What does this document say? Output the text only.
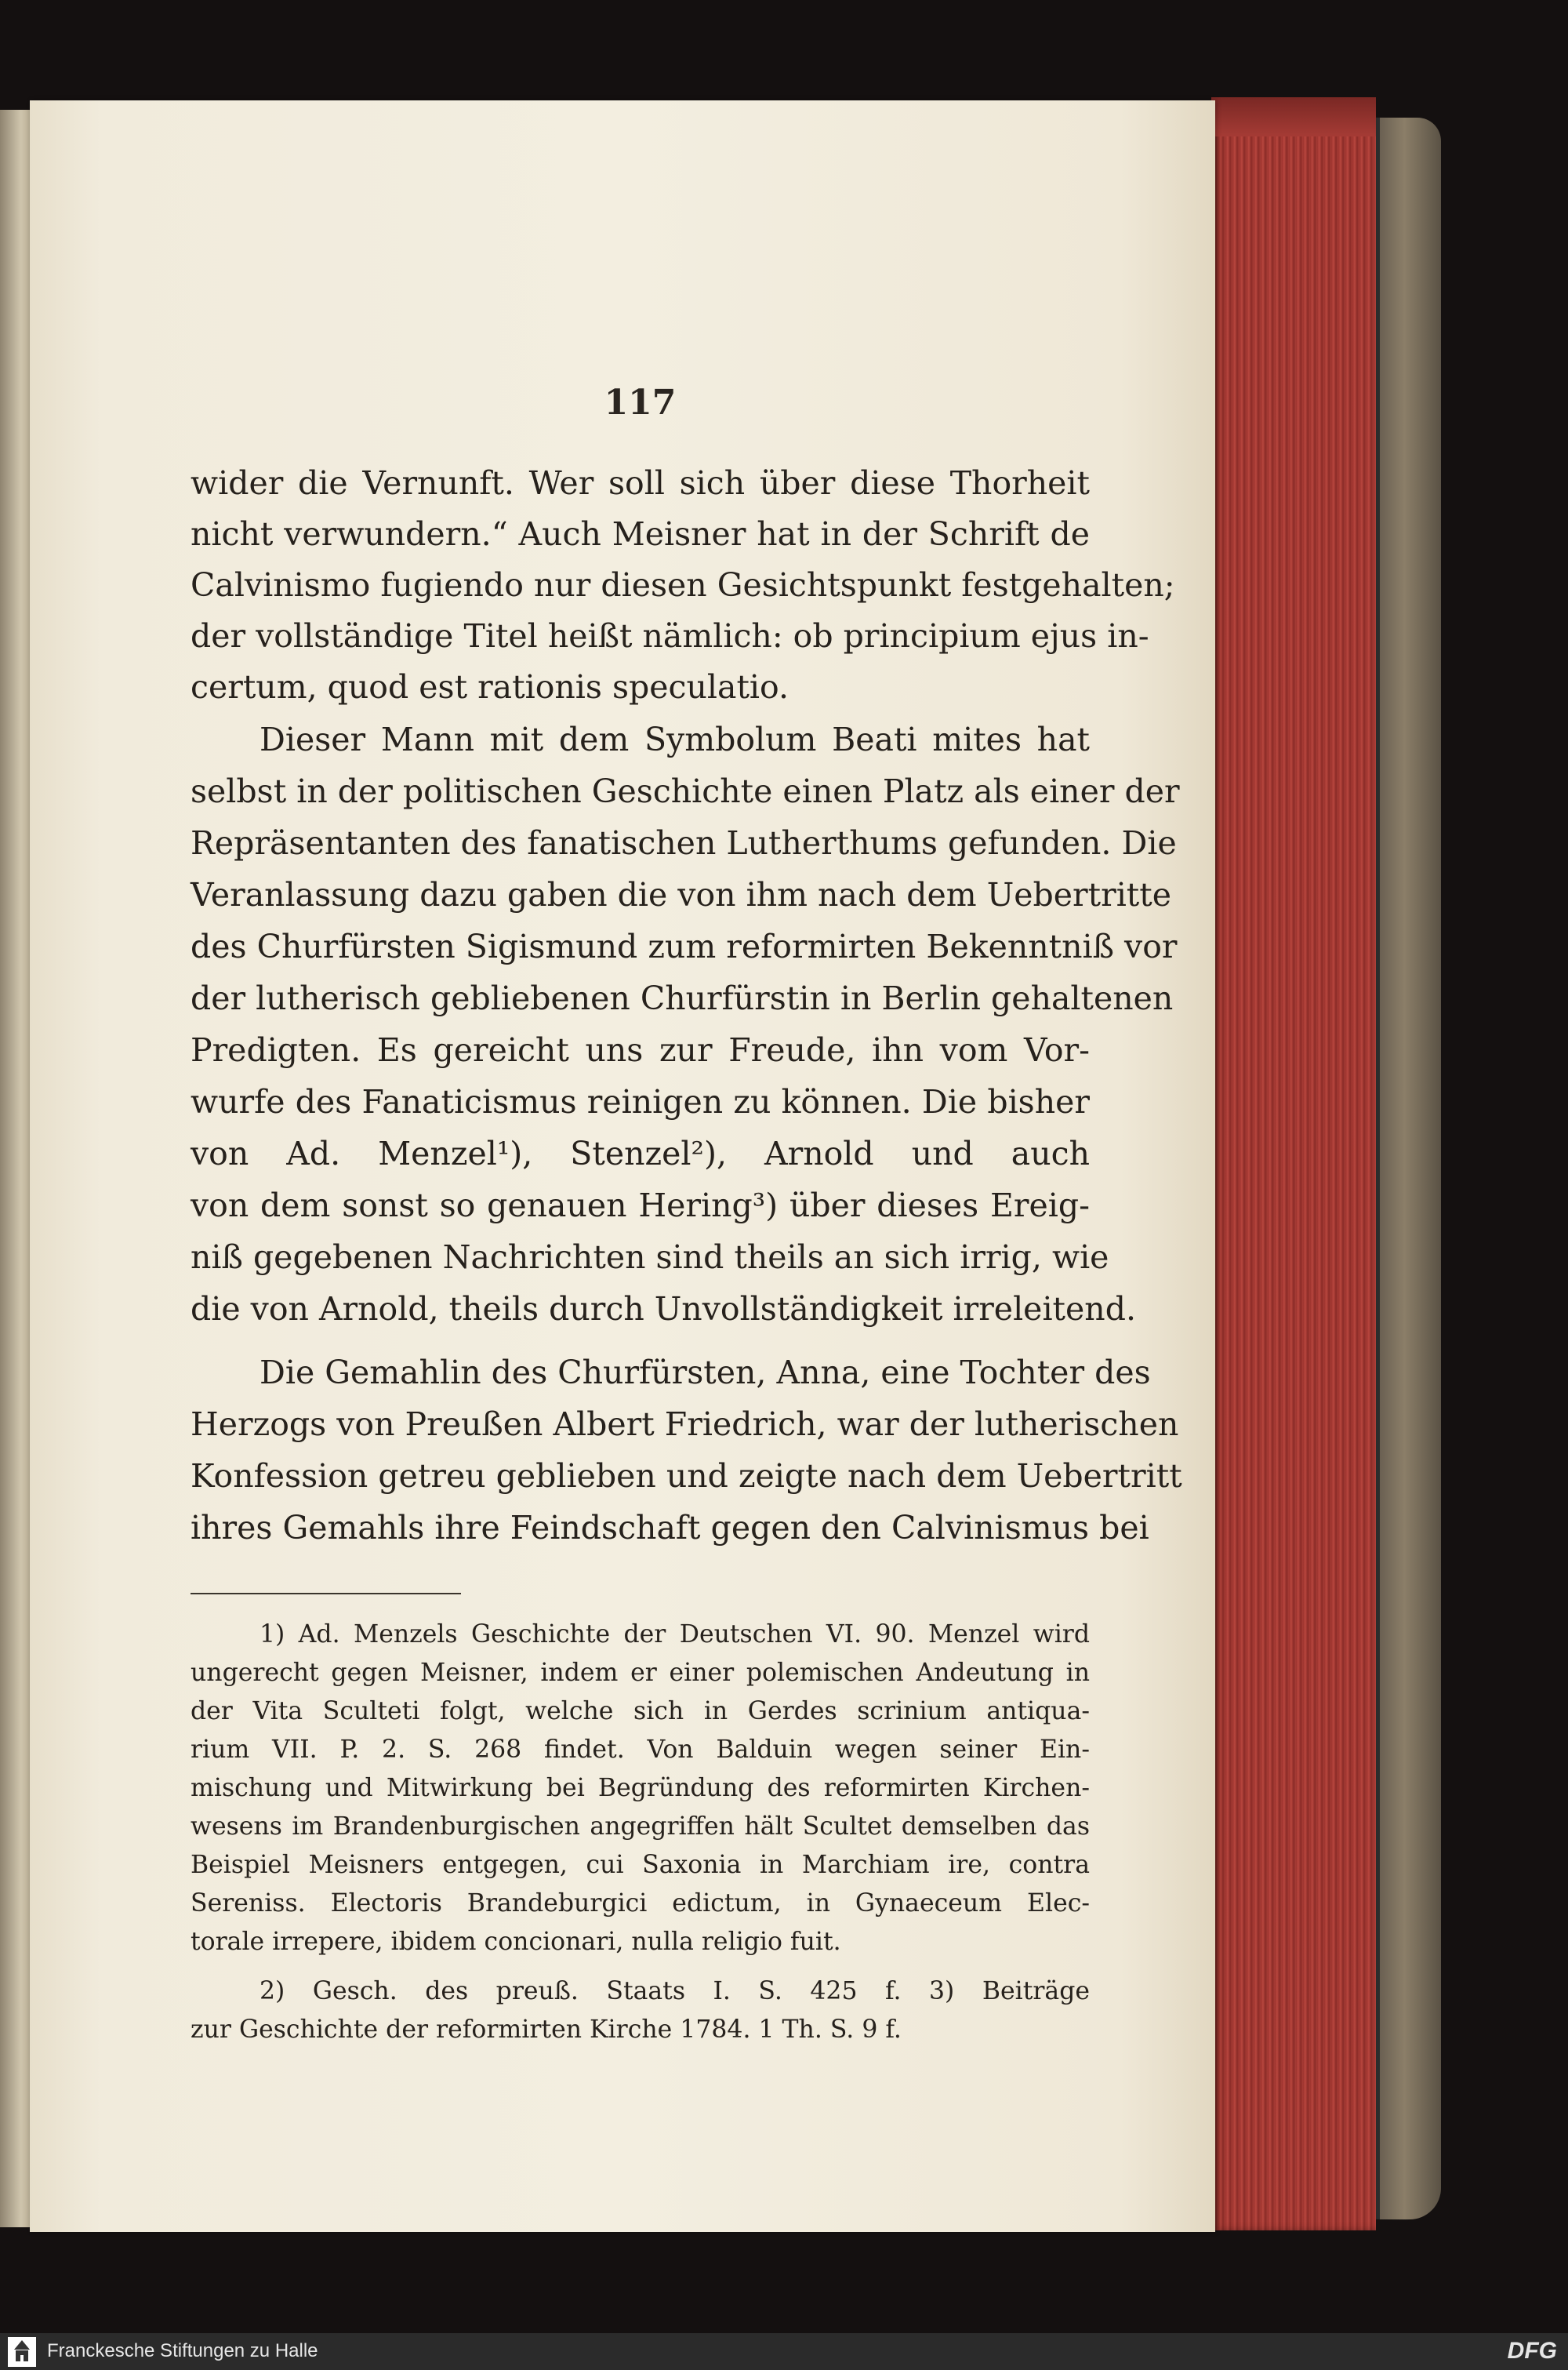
117
wider die Vernunft. Wer soll sich über diese Thorheit
nicht verwundern.“ Auch Meisner hat in der Schrift de
Calvinismo fugiendo nur diesen Gesichtspunkt festgehalten;
der vollständige Titel heißt nämlich: ob principium ejus in-
certum, quod est rationis speculatio.
Dieser Mann mit dem Symbolum Beati mites hat
selbst in der politischen Geschichte einen Platz als einer der
Repräsentanten des fanatischen Lutherthums gefunden. Die
Veranlassung dazu gaben die von ihm nach dem Uebertritte
des Churfürsten Sigismund zum reformirten Bekenntniß vor
der lutherisch gebliebenen Churfürstin in Berlin gehaltenen
Predigten. Es gereicht uns zur Freude, ihn vom Vor-
wurfe des Fanaticismus reinigen zu können. Die bisher
von Ad. Menzel¹), Stenzel²), Arnold und auch
von dem sonst so genauen Hering³) über dieses Ereig-
niß gegebenen Nachrichten sind theils an sich irrig, wie
die von Arnold, theils durch Unvollständigkeit irreleitend.
Die Gemahlin des Churfürsten, Anna, eine Tochter des
Herzogs von Preußen Albert Friedrich, war der lutherischen
Konfession getreu geblieben und zeigte nach dem Uebertritt
ihres Gemahls ihre Feindschaft gegen den Calvinismus bei
1) Ad. Menzels Geschichte der Deutschen VI. 90. Menzel wird
ungerecht gegen Meisner, indem er einer polemischen Andeutung in
der Vita Sculteti folgt, welche sich in Gerdes scrinium antiqua-
rium VII. P. 2. S. 268 findet. Von Balduin wegen seiner Ein-
mischung und Mitwirkung bei Begründung des reformirten Kirchen-
wesens im Brandenburgischen angegriffen hält Scultet demselben das
Beispiel Meisners entgegen, cui Saxonia in Marchiam ire, contra
Sereniss. Electoris Brandeburgici edictum, in Gynaeceum Elec-
torale irrepere, ibidem concionari, nulla religio fuit.
2) Gesch. des preuß. Staats I. S. 425 f. 3) Beiträge
zur Geschichte der reformirten Kirche 1784. 1 Th. S. 9 f.
Franckesche Stiftungen zu Halle	DFG
